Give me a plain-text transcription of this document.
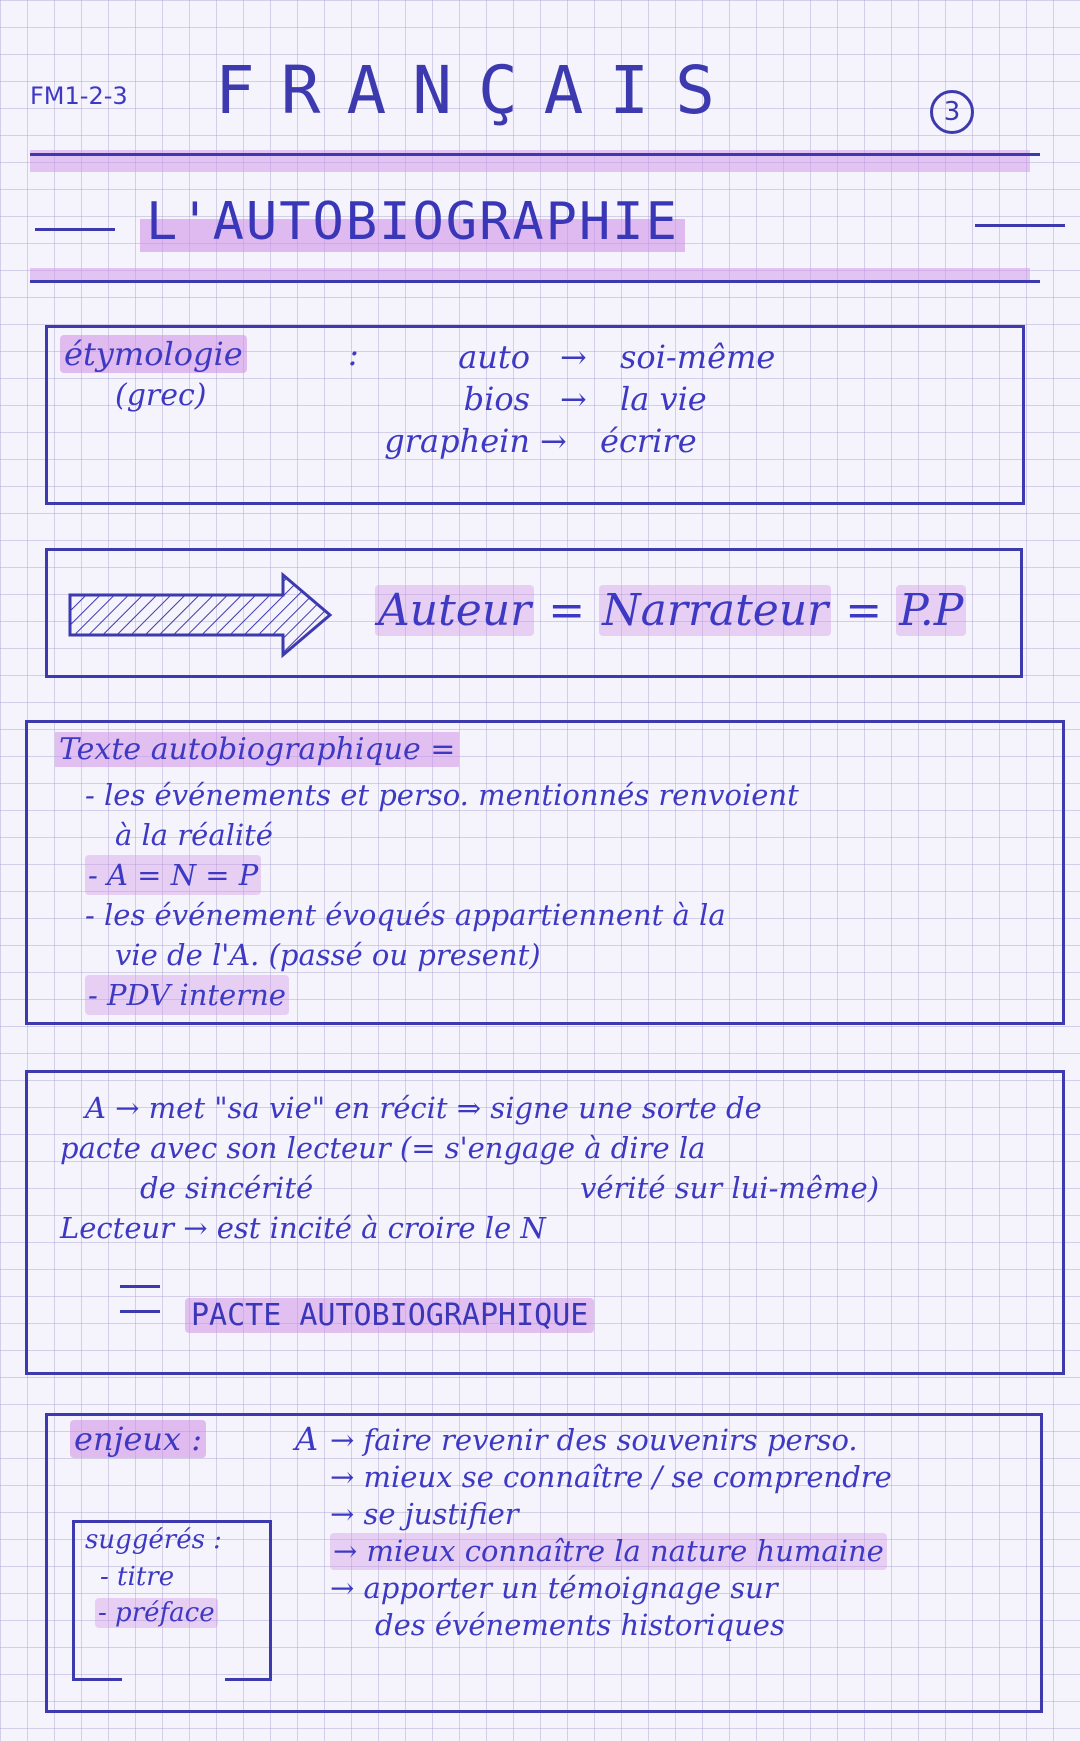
FM1-2-3 FRANÇAIS	3
L'AUTOBIOGRAPHIE
étymologie	:
(grec)
auto →	soi-même
bios →	la vie
graphein →	écrire
Auteur = Narrateur = P.P
Texte autobiographique =
- les événements et perso. mentionnés renvoient
à la réalité
- A = N = P
- les événement évoqués appartiennent à la
vie de l'A. (passé ou present)
- PDV interne
A → met "sa vie" en récit ⇒ signe une sorte de
pacte avec son lecteur (= s'engage à dire la
de sincérité	vérité sur lui-même)
Lecteur → est incité à croire le N
PACTE AUTOBIOGRAPHIQUE
enjeux :	A → faire revenir des souvenirs perso.
→ mieux se connaître / se comprendre
→ se justifier
→ mieux connaître la nature humaine
→ apporter un témoignage sur
des événements historiques
suggérés :
- titre
- préface
